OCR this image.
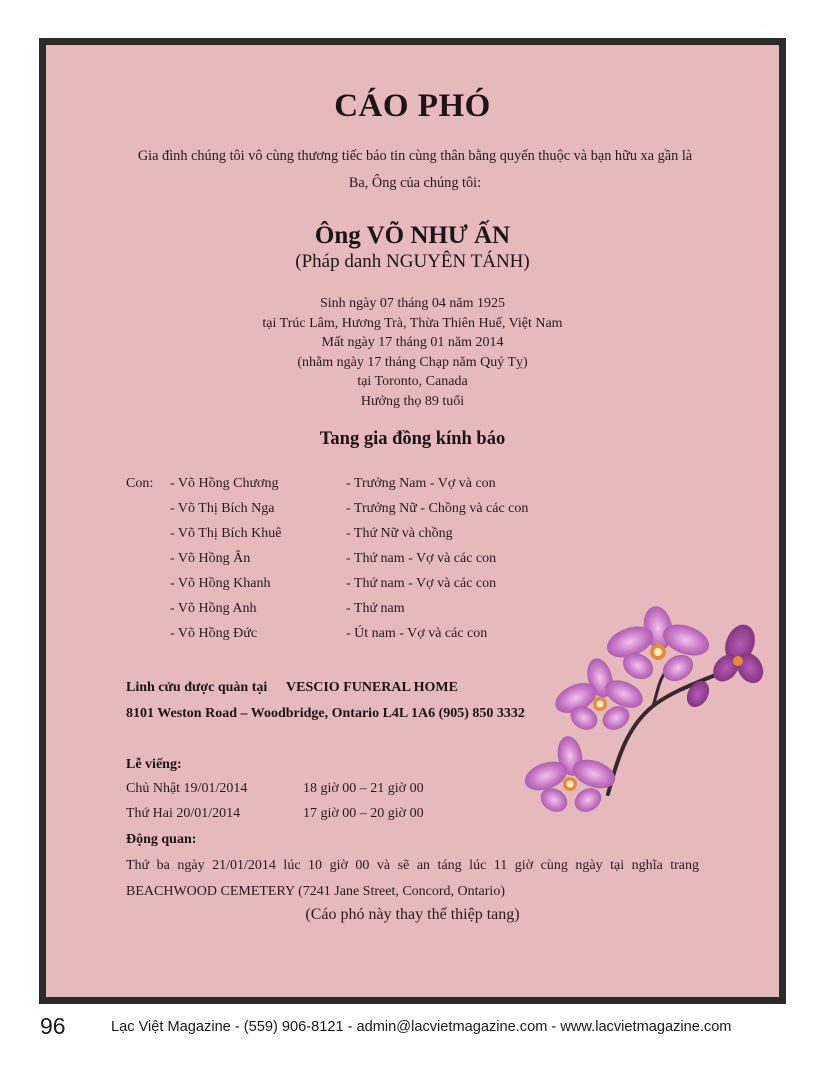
CÁO PHÓ
Gia đình chúng tôi vô cùng thương tiếc báo tin cùng thân bằng quyến thuộc và bạn hữu xa gần là
Ba, Ông của chúng tôi:
Ông VÕ NHƯ ẤN
(Pháp danh NGUYÊN TÁNH)
Sinh ngày 07 tháng 04 năm 1925
tại Trúc Lâm, Hương Trà, Thừa Thiên Huế, Việt Nam
Mất ngày 17 tháng 01 năm 2014
(nhằm ngày 17 tháng Chạp năm Quý Tỵ)
tại Toronto, Canada
Hưởng thọ 89 tuổi
Tang gia đồng kính báo
Con: - Võ Hồng Chương	- Trưởng Nam - Vợ và con
- Võ Thị Bích Nga	- Trưởng Nữ - Chồng và các con
- Võ Thị Bích Khuê	- Thứ Nữ và chồng
- Võ Hồng Ân	- Thứ nam - Vợ và các con
- Võ Hồng Khanh	- Thứ nam - Vợ và các con
- Võ Hồng Anh	- Thứ nam
- Võ Hồng Đức	- Út nam - Vợ và các con
Linh cửu được quàn tại VESCIO FUNERAL HOME
8101 Weston Road – Woodbridge, Ontario L4L 1A6 (905) 850 3332
Lễ viếng:
Chủ Nhật 19/01/2014	18 giờ 00 – 21 giờ 00
Thứ Hai 20/01/2014	17 giờ 00 – 20 giờ 00
Động quan:
Thứ ba ngày 21/01/2014 lúc 10 giờ 00 và sẽ an táng lúc 11 giờ cùng ngày tại nghĩa trang
BEACHWOOD CEMETERY (7241 Jane Street, Concord, Ontario)
(Cáo phó này thay thế thiệp tang)
96	Lạc Việt Magazine - (559) 906-8121 - admin@lacvietmagazine.com - www.lacvietmagazine.com
